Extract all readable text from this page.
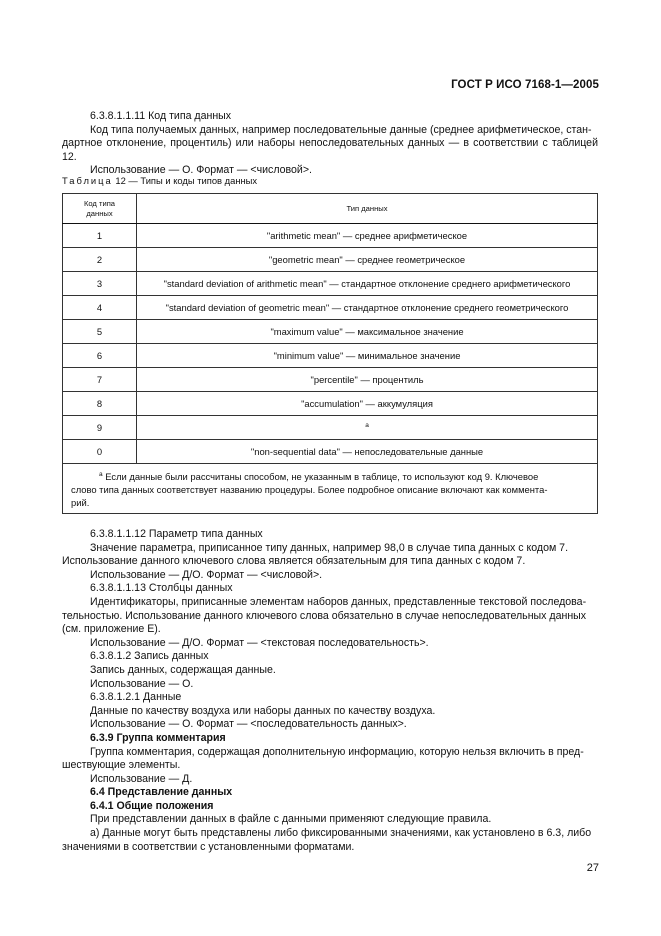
ГОСТ Р ИСО 7168-1—2005

6.3.8.1.1.11 Код типа данных

Код типа получаемых данных, например последовательные данные (среднее арифметическое, стан-

дартное отклонение, процентиль) или наборы непоследовательных данных — в соответствии с таблицей 12.

Использование — О. Формат — <числовой>.

Таблица 12 — Типы и коды типов данных
Код типа
данных	Тип данных
1	"arithmetic mean" — среднее арифметическое
2	"geometric mean" — среднее геометрическое
3	"standard deviation of arithmetic mean" — стандартное отклонение среднего арифметического
4	"standard deviation of geometric mean" — стандартное отклонение среднего геометрического
5	"maximum value" — максимальное значение
6	"minimum value" — минимальное значение
7	"percentile" — процентиль
8	"accumulation" — аккумуляция
9	$^a$
0	"non-sequential data" — непоследовательные данные

$^a$ Если данные были рассчитаны способом, не указанным в таблице, то используют код 9. Ключевое
слово типа данных соответствует названию процедуры. Более подробное описание включают как коммента-
рий.	

6.3.8.1.1.12 Параметр типа данных

Значение параметра, приписанное типу данных, например 98,0 в случае типа данных с кодом 7.

Использование данного ключевого слова является обязательным для типа данных с кодом 7.

Использование — Д/О. Формат — <числовой>.

6.3.8.1.1.13 Столбцы данных

Идентификаторы, приписанные элементам наборов данных, представленные текстовой последова-

тельностью. Использование данного ключевого слова обязательно в случае непоследовательных данных

(см. приложение Е).

Использование — Д/О. Формат — <текстовая последовательность>.

6.3.8.1.2 Запись данных

Запись данных, содержащая данные.

Использование — О.

6.3.8.1.2.1 Данные

Данные по качеству воздуха или наборы данных по качеству воздуха.

Использование — О. Формат — <последовательность данных>.

6.3.9 Группа комментария

Группа комментария, содержащая дополнительную информацию, которую нельзя включить в пред-

шествующие элементы.

Использование — Д.

6.4 Представление данных

6.4.1 Общие положения

При представлении данных в файле с данными применяют следующие правила.

а) Данные могут быть представлены либо фиксированными значениями, как установлено в 6.3, либо

значениями в соответствии с установленными форматами.

27
